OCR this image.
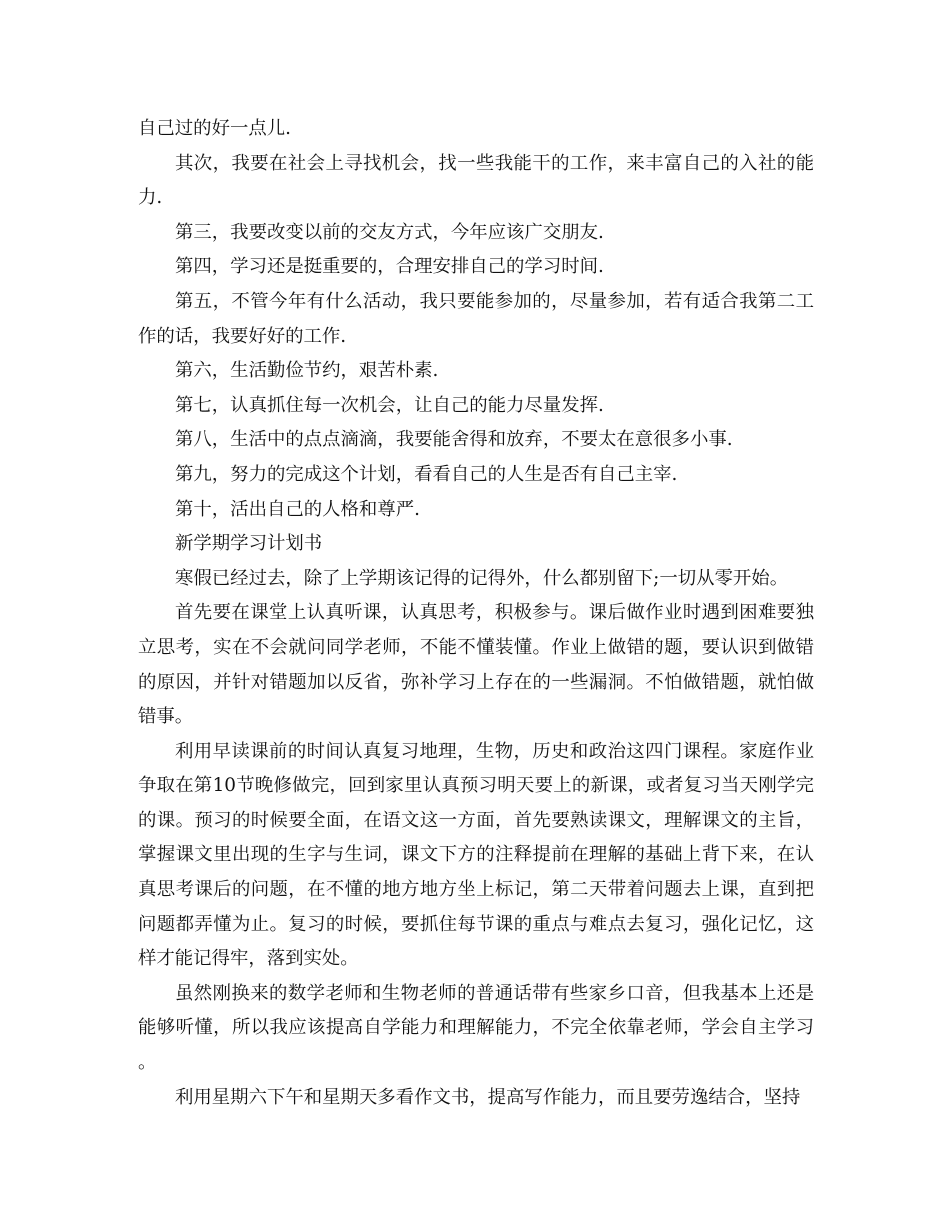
自己过的好一点儿.

其次，我要在社会上寻找机会，找一些我能干的工作，来丰富自己的入社的能力.

第三，我要改变以前的交友方式，今年应该广交朋友.

第四，学习还是挺重要的，合理安排自己的学习时间.

第五，不管今年有什么活动，我只要能参加的，尽量参加，若有适合我第二工作的话，我要好好的工作.

第六，生活勤俭节约，艰苦朴素.

第七，认真抓住每一次机会，让自己的能力尽量发挥.

第八，生活中的点点滴滴，我要能舍得和放弃，不要太在意很多小事.

第九，努力的完成这个计划，看看自己的人生是否有自己主宰.

第十，活出自己的人格和尊严.

新学期学习计划书

寒假已经过去，除了上学期该记得的记得外，什么都别留下;一切从零开始。

首先要在课堂上认真听课，认真思考，积极参与。课后做作业时遇到困难要独立思考，实在不会就问同学老师，不能不懂装懂。作业上做错的题，要认识到做错的原因，并针对错题加以反省，弥补学习上存在的一些漏洞。不怕做错题，就怕做错事。

利用早读课前的时间认真复习地理，生物，历史和政治这四门课程。家庭作业争取在第10节晚修做完，回到家里认真预习明天要上的新课，或者复习当天刚学完的课。预习的时候要全面，在语文这一方面，首先要熟读课文，理解课文的主旨，掌握课文里出现的生字与生词，课文下方的注释提前在理解的基础上背下来，在认真思考课后的问题，在不懂的地方地方坐上标记，第二天带着问题去上课，直到把问题都弄懂为止。复习的时候，要抓住每节课的重点与难点去复习，强化记忆，这样才能记得牢，落到实处。

虽然刚换来的数学老师和生物老师的普通话带有些家乡口音，但我基本上还是能够听懂，所以我应该提高自学能力和理解能力，不完全依靠老师，学会自主学习。

利用星期六下午和星期天多看作文书，提高写作能力，而且要劳逸结合，坚持
